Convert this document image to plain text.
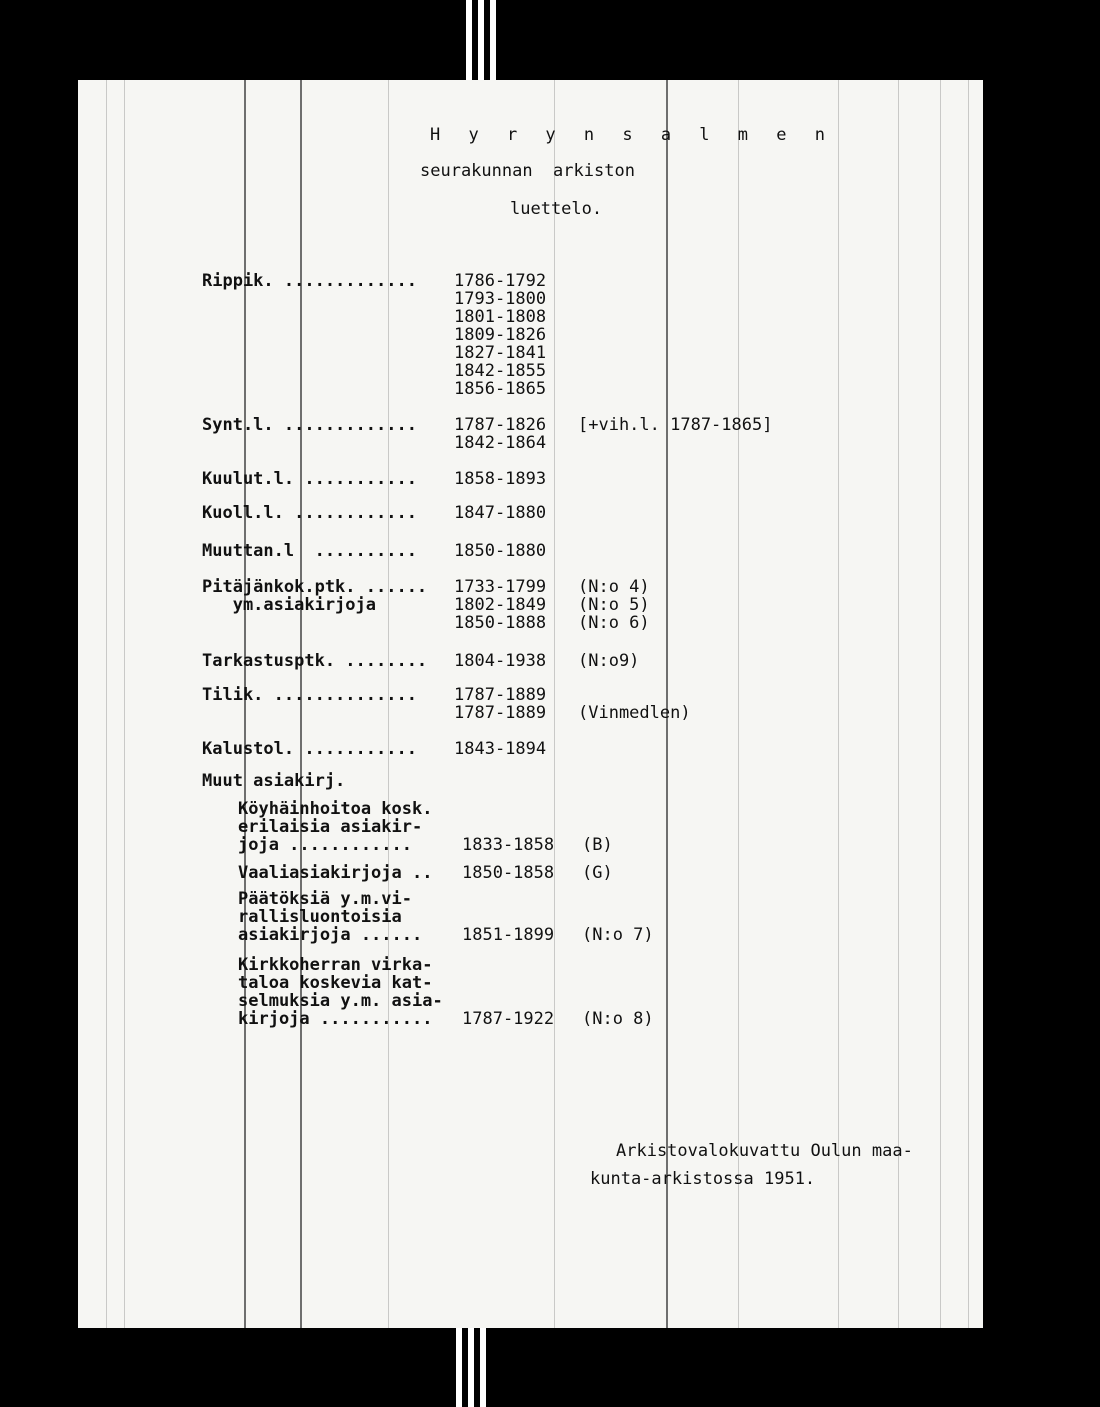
H y r y n s a l m e n
seurakunnan  arkiston
luettelo.
Rippik. ............. 1786-1792
1793-1800
1801-1808
1809-1826
1827-1841
1842-1855
1856-1865
Synt.l. ............. 1787-1826
1842-1864
[+vih.l. 1787-1865]
Kuulut.l. ........... 1858-1893
Kuoll.l. ............ 1847-1880
Muuttan.l  .......... 1850-1880
Pitäjänkok.ptk. ...... 1733-1799 (N:o 4)
ym.asiakirjoja	1802-1849
1850-1888
(N:o 5)
(N:o 6)
Tarkastusptk. ........ 1804-1938 (N:o9)
Tilik. .............. 1787-1889
1787-1889 (Vinmedlen)
Kalustol. ........... 1843-1894
Muut asiakirj.
Köyhäinhoitoa kosk.
erilaisia asiakir-
joja ............	1833-1858 (B)
Vaaliasiakirjoja .. 1850-1858 (G)
Päätöksiä y.m.vi-
rallisluontoisia
asiakirjoja ...... 1851-1899 (N:o 7)
Kirkkoherran virka-
taloa koskevia kat-
selmuksia y.m. asia-
kirjoja ........... 1787-1922 (N:o 8)
Arkistovalokuvattu Oulun maa-
kunta-arkistossa 1951.
